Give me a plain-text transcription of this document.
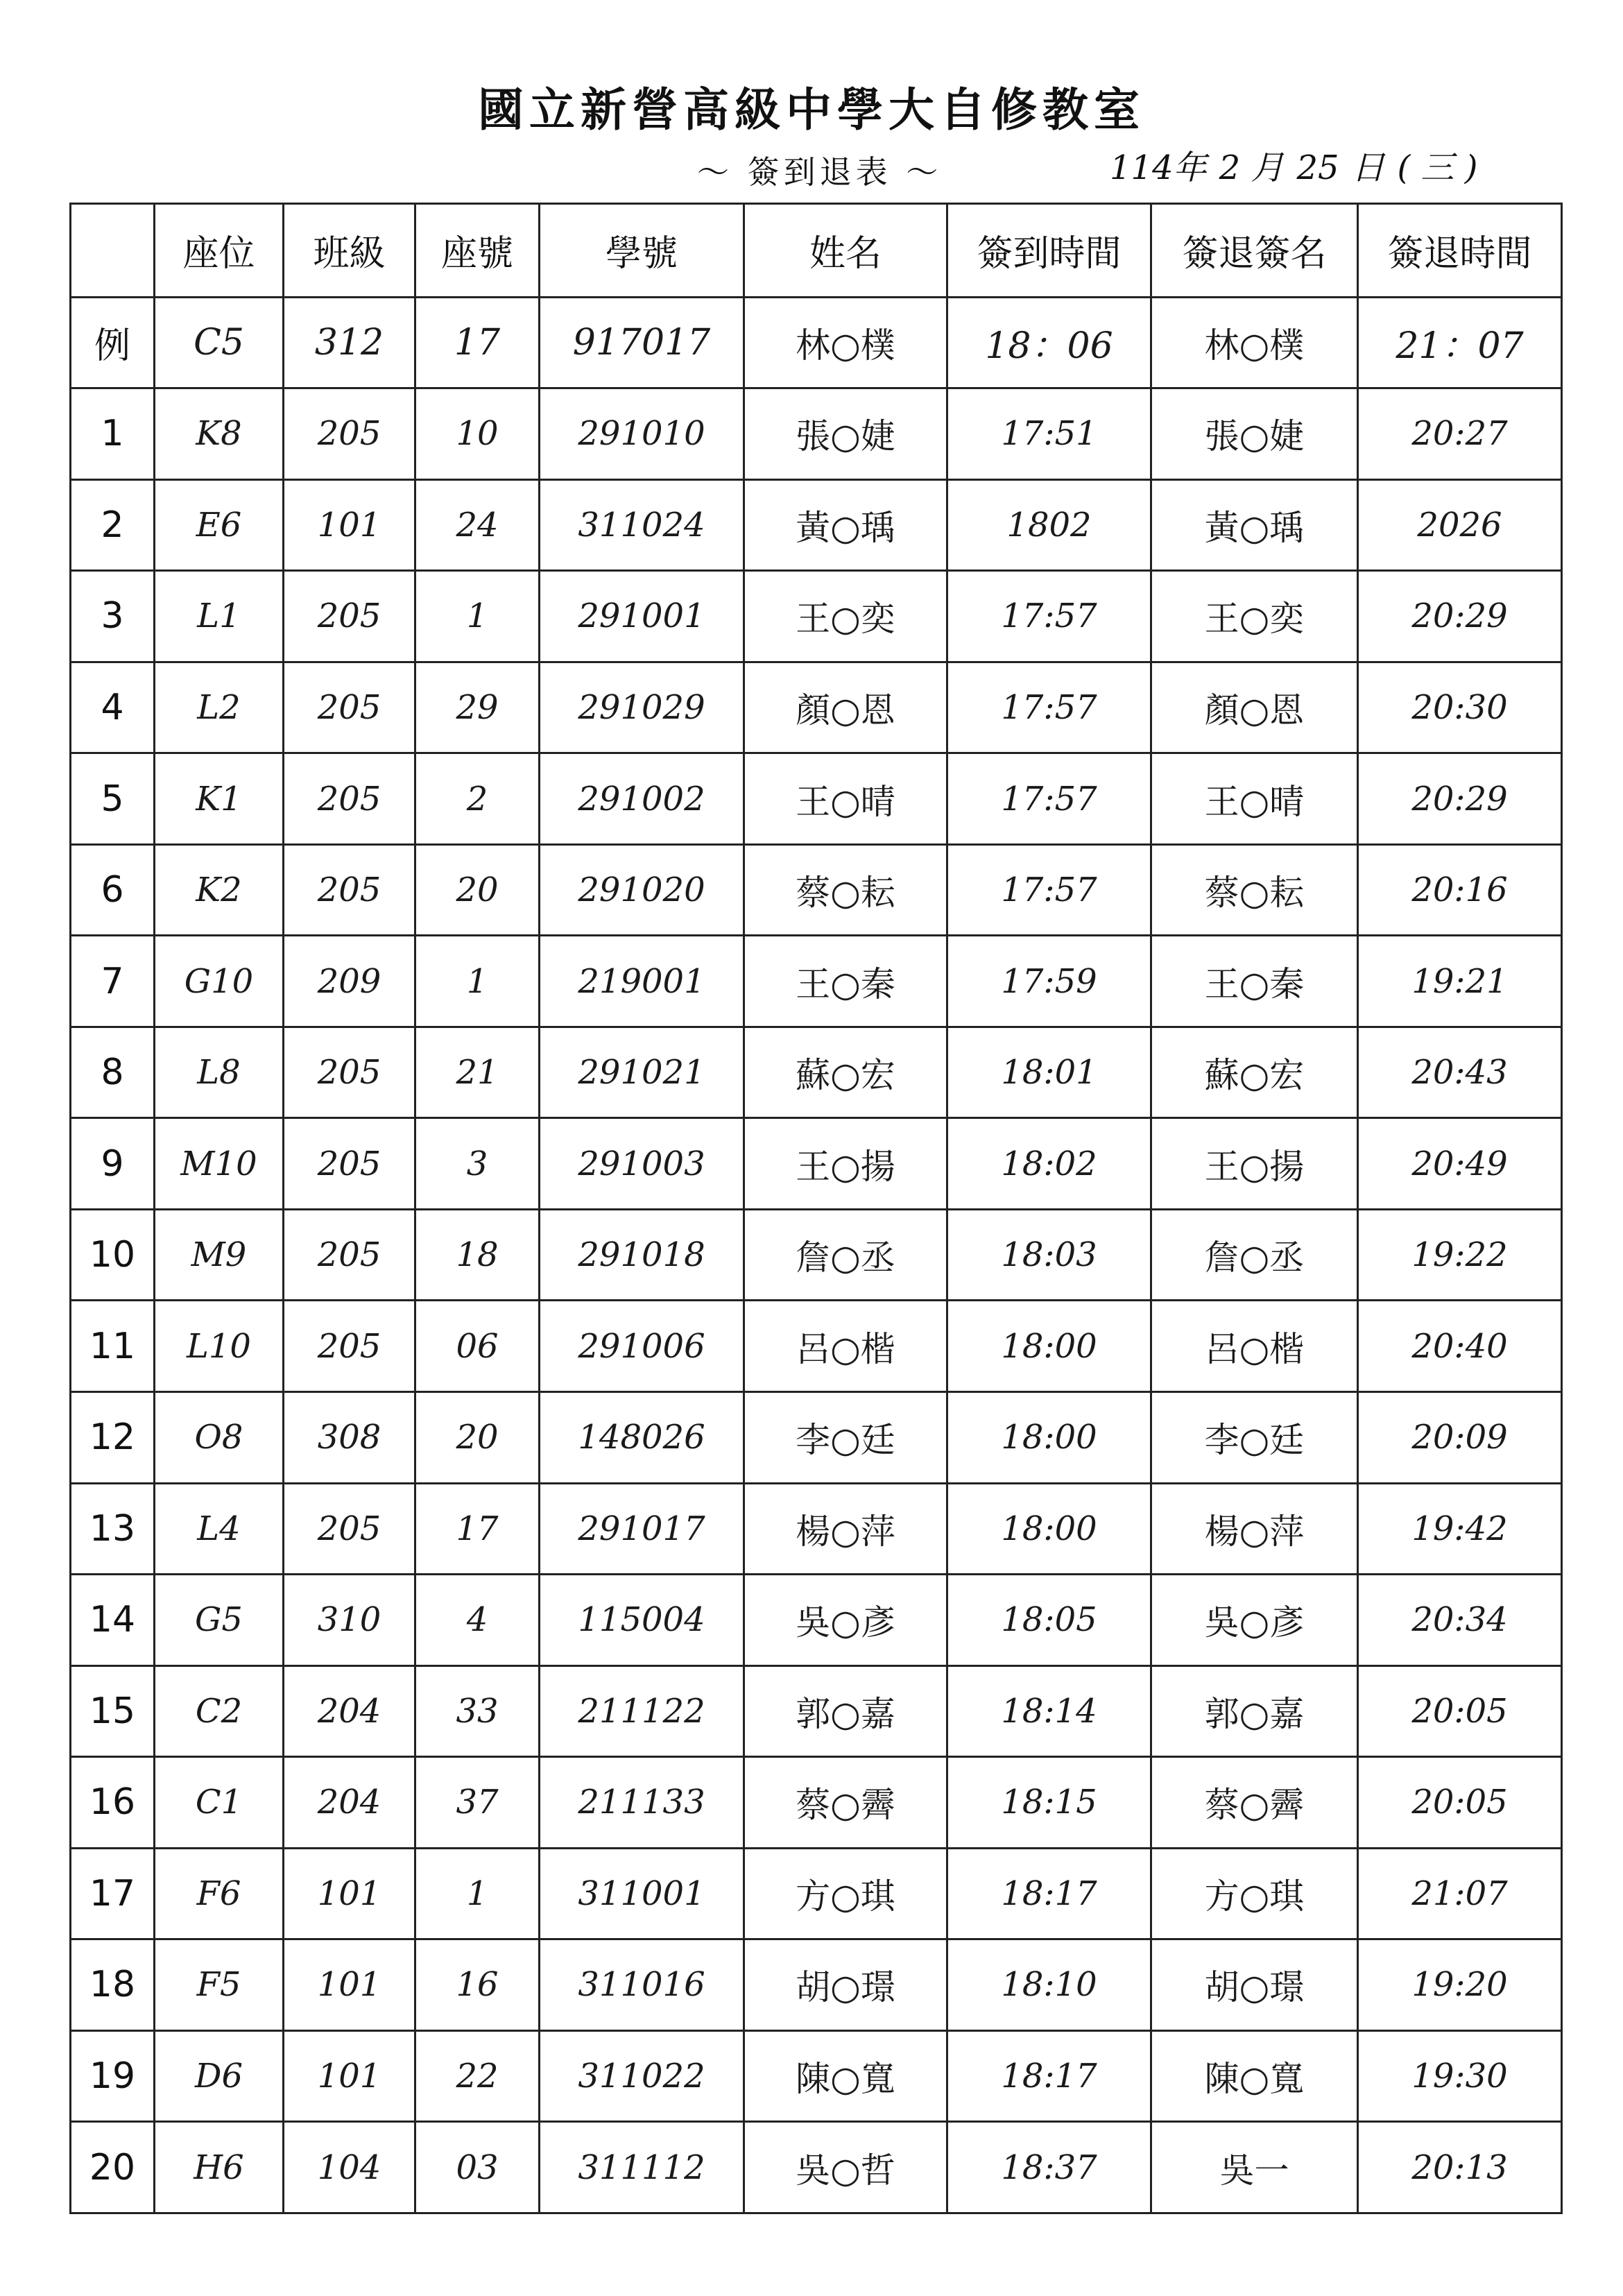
國立新營高級中學大自修教室
～ 簽到退表 ～	114年 2 月 25 日 ( 三 )
	座位	班級	座號	學號	姓名	簽到時間	簽退簽名	簽退時間
例	C5	312	17	917017	林○樸	18：06	林○樸	21：07
1	K8	205	10	291010	張○婕	17:51	張○婕	20:27
2	E6	101	24	311024	黃○瑀	1802	黃○瑀	2026
3	L1	205	1	291001	王○奕	17:57	王○奕	20:29
4	L2	205	29	291029	顏○恩	17:57	顏○恩	20:30
5	K1	205	2	291002	王○晴	17:57	王○晴	20:29
6	K2	205	20	291020	蔡○耘	17:57	蔡○耘	20:16
7	G10	209	1	219001	王○秦	17:59	王○秦	19:21
8	L8	205	21	291021	蘇○宏	18:01	蘇○宏	20:43
9	M10	205	3	291003	王○揚	18:02	王○揚	20:49
10	M9	205	18	291018	詹○丞	18:03	詹○丞	19:22
11	L10	205	06	291006	呂○楷	18:00	呂○楷	20:40
12	O8	308	20	148026	李○廷	18:00	李○廷	20:09
13	L4	205	17	291017	楊○萍	18:00	楊○萍	19:42
14	G5	310	4	115004	吳○彥	18:05	吳○彥	20:34
15	C2	204	33	211122	郭○嘉	18:14	郭○嘉	20:05
16	C1	204	37	211133	蔡○霽	18:15	蔡○霽	20:05
17	F6	101	1	311001	方○琪	18:17	方○琪	21:07
18	F5	101	16	311016	胡○璟	18:10	胡○璟	19:20
19	D6	101	22	311022	陳○寬	18:17	陳○寬	19:30
20	H6	104	03	311112	吳○哲	18:37	吳一	20:13
